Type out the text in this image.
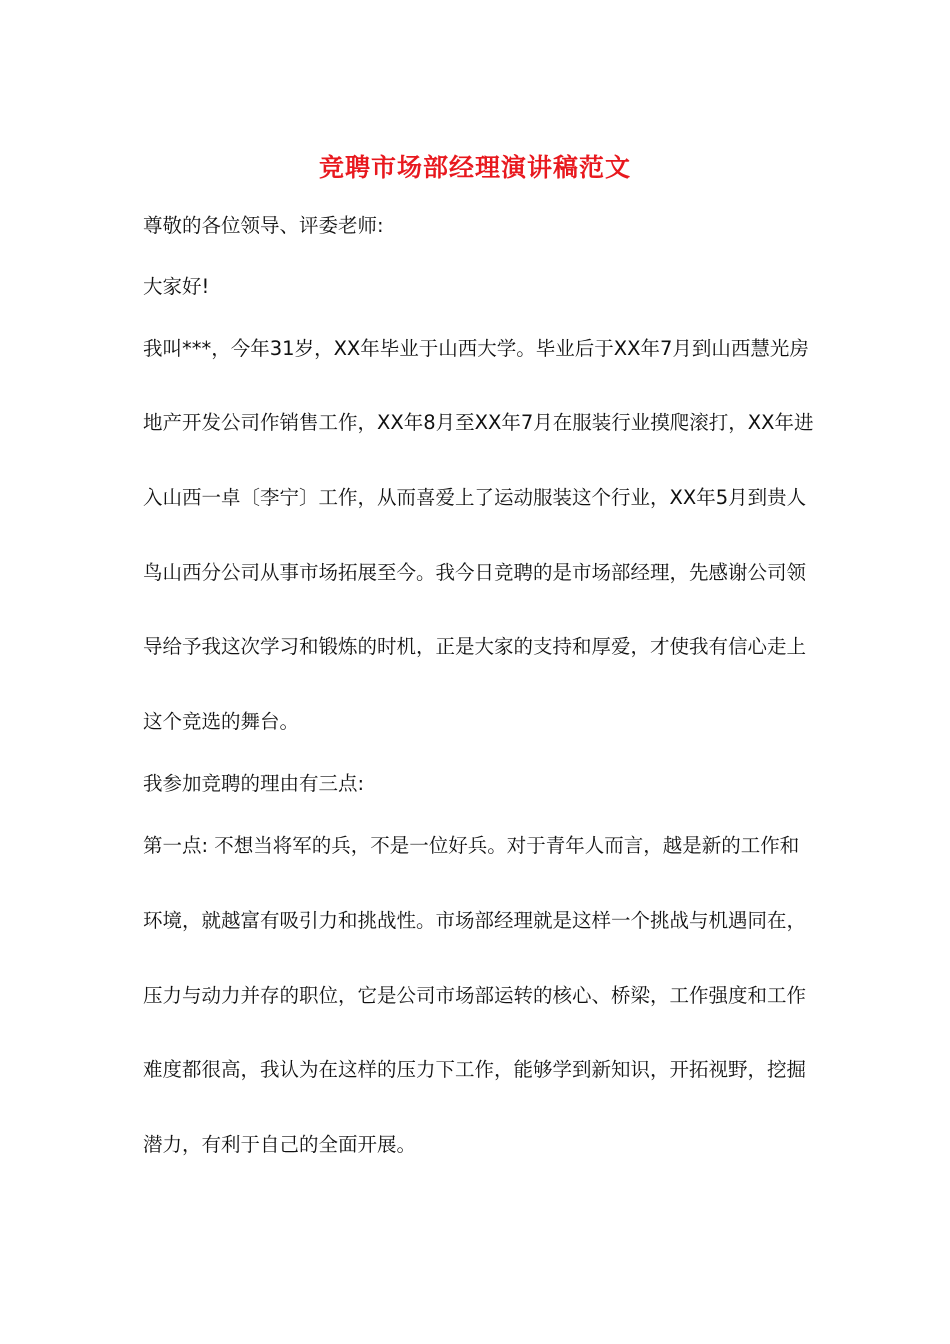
竞聘市场部经理演讲稿范文
尊敬的各位领导、评委老师:
大家好!
我叫***，今年31岁，XX年毕业于山西大学。毕业后于XX年7月到山西慧光房
地产开发公司作销售工作，XX年8月至XX年7月在服装行业摸爬滚打，XX年进
入山西一卓〔李宁〕工作，从而喜爱上了运动服装这个行业，XX年5月到贵人
鸟山西分公司从事市场拓展至今。我今日竞聘的是市场部经理，先感谢公司领
导给予我这次学习和锻炼的时机，正是大家的支持和厚爱，才使我有信心走上
这个竞选的舞台。
我参加竞聘的理由有三点:
第一点: 不想当将军的兵，不是一位好兵。对于青年人而言，越是新的工作和
环境，就越富有吸引力和挑战性。市场部经理就是这样一个挑战与机遇同在，
压力与动力并存的职位，它是公司市场部运转的核心、桥梁，工作强度和工作
难度都很高，我认为在这样的压力下工作，能够学到新知识，开拓视野，挖掘
潜力，有利于自己的全面开展。
